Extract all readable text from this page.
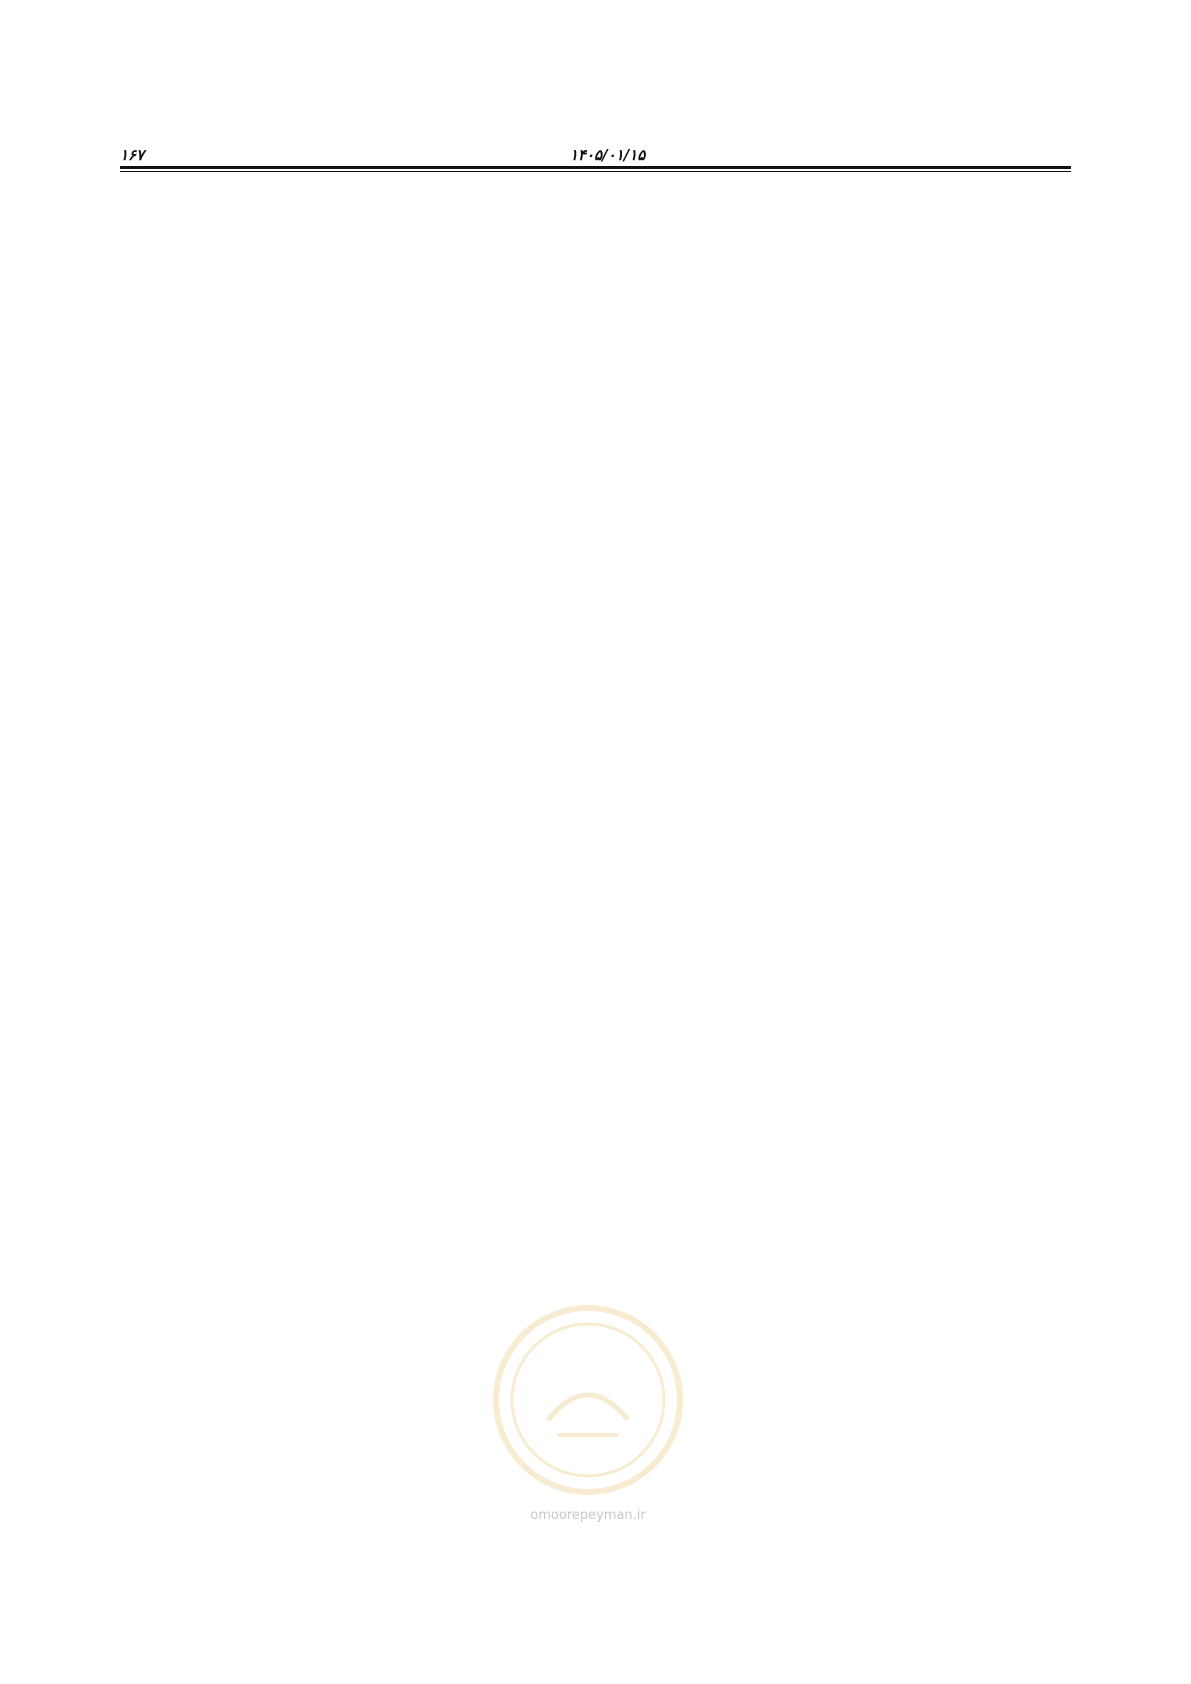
۱۴۰۵/۰۱/۱۵
۱۶۷

omoorepeyman.ir
